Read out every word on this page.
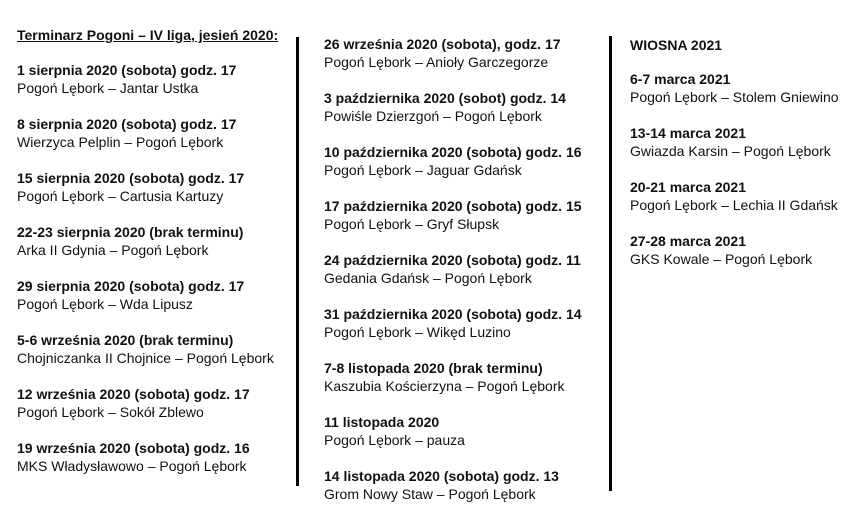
Terminarz Pogoni – IV liga, jesień 2020:
1 sierpnia 2020 (sobota) godz. 17
Pogoń Lębork – Jantar Ustka
8 sierpnia 2020 (sobota) godz. 17
Wierzyca Pelplin – Pogoń Lębork
15 sierpnia 2020 (sobota) godz. 17
Pogoń Lębork – Cartusia Kartuzy
22-23 sierpnia 2020 (brak terminu)
Arka II Gdynia – Pogoń Lębork
29 sierpnia 2020 (sobota) godz. 17
Pogoń Lębork – Wda Lipusz
5-6 września 2020 (brak terminu)
Chojniczanka II Chojnice – Pogoń Lębork
12 września 2020 (sobota) godz. 17
Pogoń Lębork – Sokół Zblewo
19 września 2020 (sobota) godz. 16
MKS Władysławowo – Pogoń Lębork
26 września 2020 (sobota), godz. 17
Pogoń Lębork – Anioły Garczegorze
3 października 2020 (sobot) godz. 14
Powiśle Dzierzgoń – Pogoń Lębork
10 października 2020 (sobota) godz. 16
Pogoń Lębork – Jaguar Gdańsk
17 października 2020 (sobota) godz. 15
Pogoń Lębork – Gryf Słupsk
24 października 2020 (sobota) godz. 11
Gedania Gdańsk – Pogoń Lębork
31 października 2020 (sobota) godz. 14
Pogoń Lębork – Wikęd Luzino
7-8 listopada 2020 (brak terminu)
Kaszubia Kościerzyna – Pogoń Lębork
11 listopada 2020
Pogoń Lębork – pauza
14 listopada 2020 (sobota) godz. 13
Grom Nowy Staw – Pogoń Lębork
WIOSNA 2021
6-7 marca 2021
Pogoń Lębork – Stolem Gniewino
13-14 marca 2021
Gwiazda Karsin – Pogoń Lębork
20-21 marca 2021
Pogoń Lębork – Lechia II Gdańsk
27-28 marca 2021
GKS Kowale – Pogoń Lębork
